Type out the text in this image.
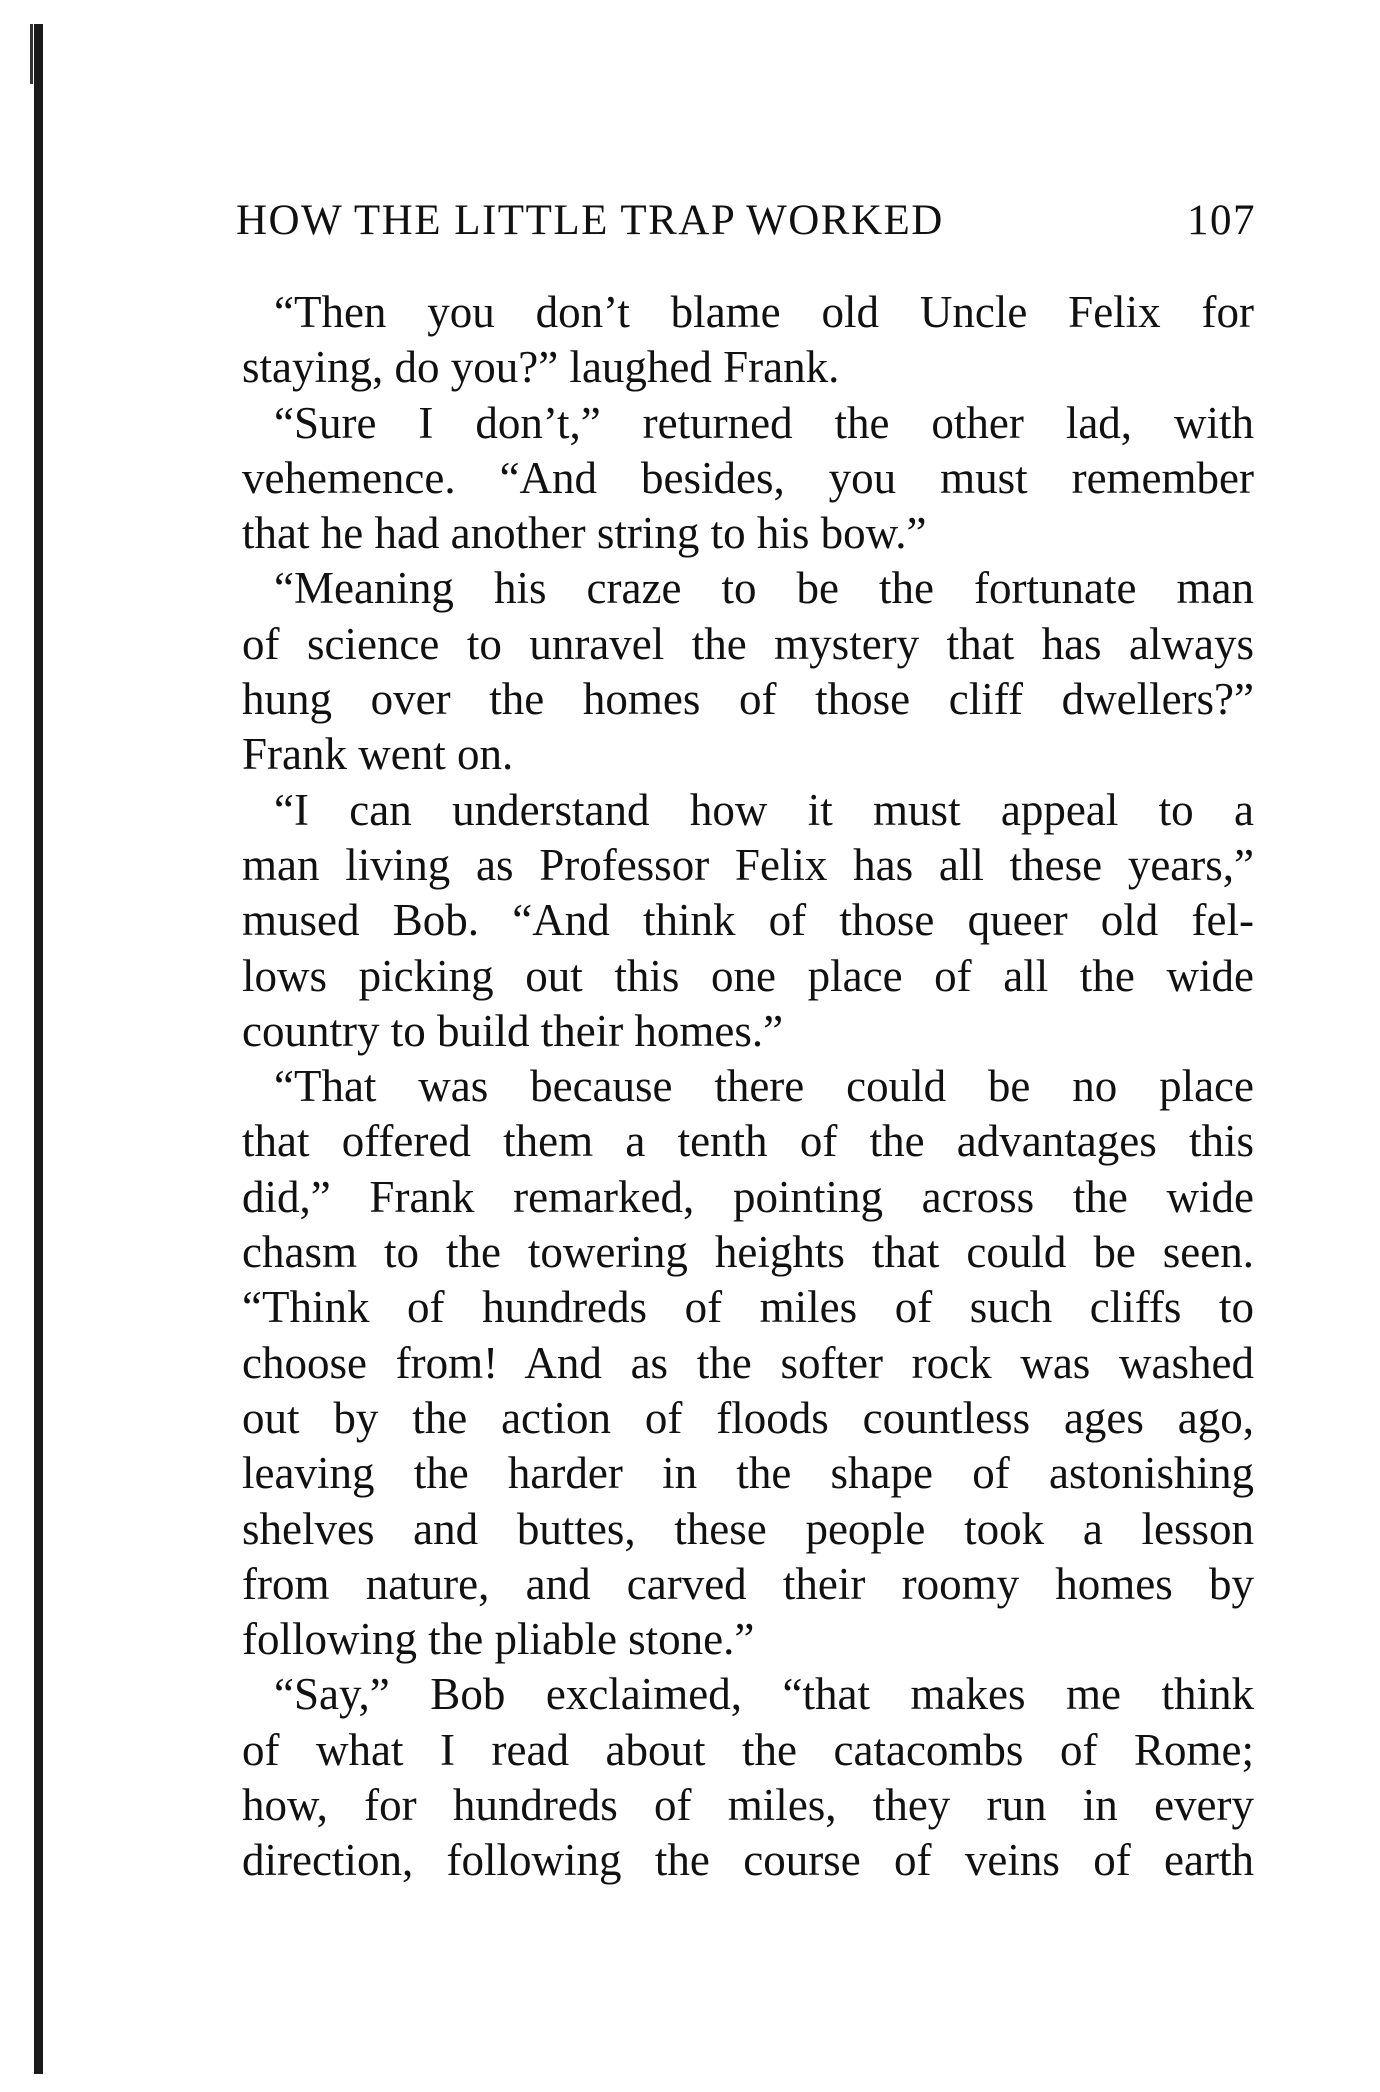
HOW THE LITTLE TRAP WORKED	107
“Then you don’t blame old Uncle Felix for
staying, do you?” laughed Frank.
“Sure I don’t,” returned the other lad, with
vehemence. “And besides, you must remember
that he had another string to his bow.”
“Meaning his craze to be the fortunate man
of science to unravel the mystery that has always
hung over the homes of those cliff dwellers?”
Frank went on.
“I can understand how it must appeal to a
man living as Professor Felix has all these years,”
mused Bob. “And think of those queer old fel-
lows picking out this one place of all the wide
country to build their homes.”
“That was because there could be no place
that offered them a tenth of the advantages this
did,” Frank remarked, pointing across the wide
chasm to the towering heights that could be seen.
“Think of hundreds of miles of such cliffs to
choose from! And as the softer rock was washed
out by the action of floods countless ages ago,
leaving the harder in the shape of astonishing
shelves and buttes, these people took a lesson
from nature, and carved their roomy homes by
following the pliable stone.”
“Say,” Bob exclaimed, “that makes me think
of what I read about the catacombs of Rome;
how, for hundreds of miles, they run in every
direction, following the course of veins of earth
